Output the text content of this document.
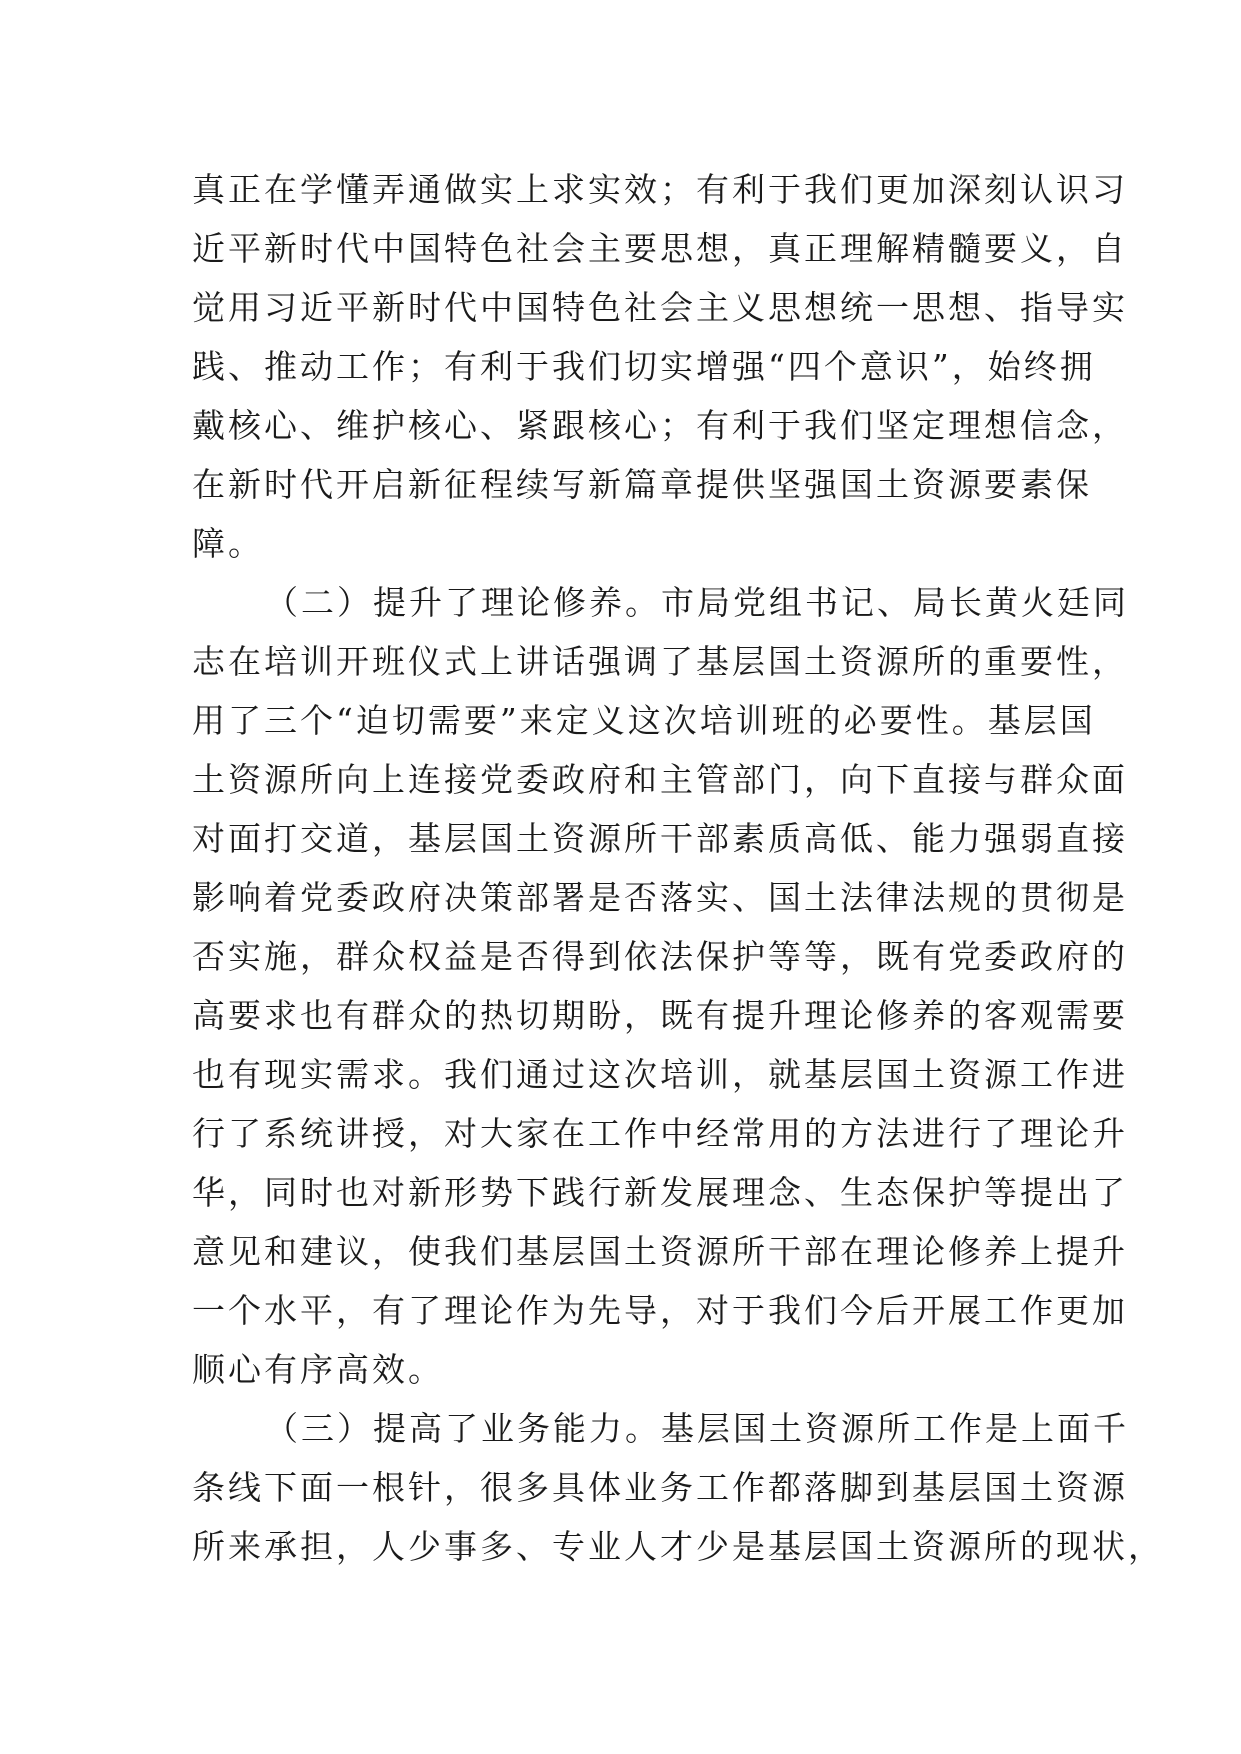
真正在学懂弄通做实上求实效；有利于我们更加深刻认识习
近平新时代中国特色社会主要思想，真正理解精髓要义，自
觉用习近平新时代中国特色社会主义思想统一思想、指导实
践、推动工作；有利于我们切实增强“四个意识”，始终拥
戴核心、维护核心、紧跟核心；有利于我们坚定理想信念，
在新时代开启新征程续写新篇章提供坚强国土资源要素保
障。
（二）提升了理论修养。市局党组书记、局长黄火廷同
志在培训开班仪式上讲话强调了基层国土资源所的重要性，
用了三个“迫切需要”来定义这次培训班的必要性。基层国
土资源所向上连接党委政府和主管部门，向下直接与群众面
对面打交道，基层国土资源所干部素质高低、能力强弱直接
影响着党委政府决策部署是否落实、国土法律法规的贯彻是
否实施，群众权益是否得到依法保护等等，既有党委政府的
高要求也有群众的热切期盼，既有提升理论修养的客观需要
也有现实需求。我们通过这次培训，就基层国土资源工作进
行了系统讲授，对大家在工作中经常用的方法进行了理论升
华，同时也对新形势下践行新发展理念、生态保护等提出了
意见和建议，使我们基层国土资源所干部在理论修养上提升
一个水平，有了理论作为先导，对于我们今后开展工作更加
顺心有序高效。
（三）提高了业务能力。基层国土资源所工作是上面千
条线下面一根针，很多具体业务工作都落脚到基层国土资源
所来承担，人少事多、专业人才少是基层国土资源所的现状，
